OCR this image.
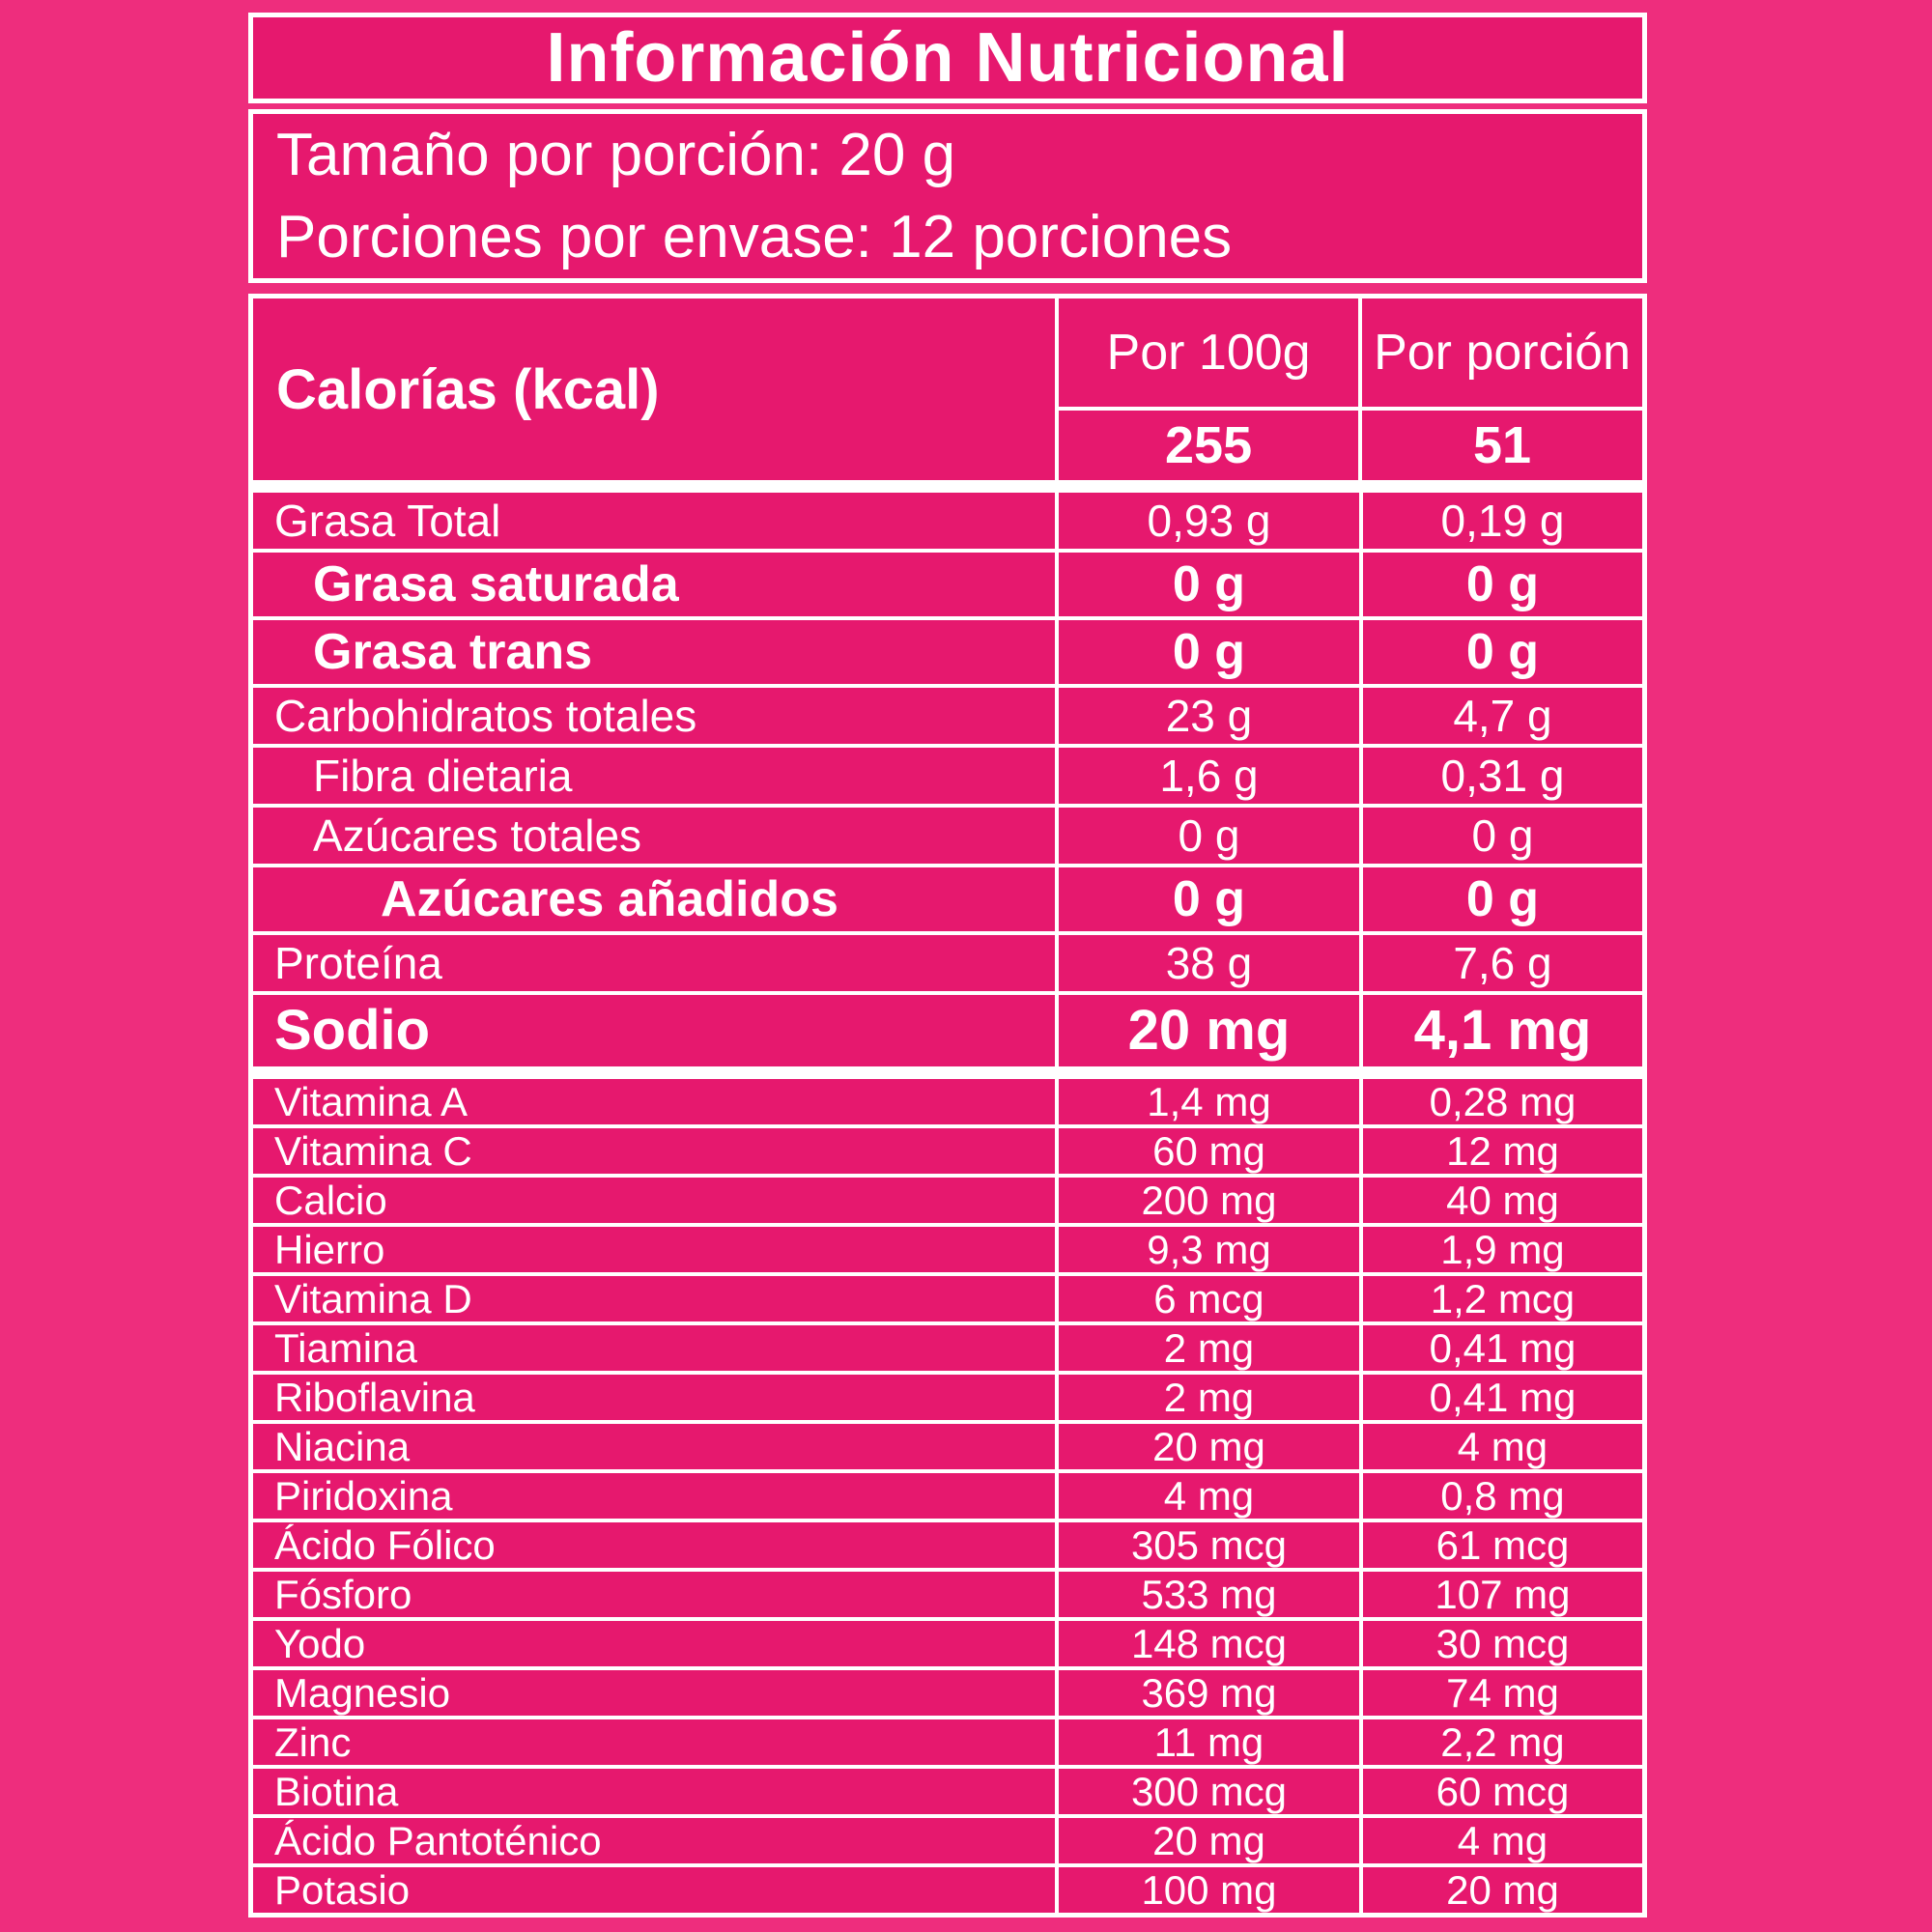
Información Nutricional
Tamaño por porción: 20 g
Porciones por envase: 12 porciones
Calorías (kcal)
Por 100g	Por porción
255	51
Grasa Total	0,93 g	0,19 g
Grasa saturada	0 g	0 g
Grasa trans	0 g	0 g
Carbohidratos totales	23 g	4,7 g
Fibra dietaria	1,6 g	0,31 g
Azúcares totales	0 g	0 g
Azúcares añadidos	0 g	0 g
Proteína	38 g	7,6 g
Sodio	20 mg	4,1 mg
Vitamina A	1,4 mg	0,28 mg
Vitamina C	60 mg	12 mg
Calcio	200 mg	40 mg
Hierro	9,3 mg	1,9 mg
Vitamina D	6 mcg	1,2 mcg
Tiamina	2 mg	0,41 mg
Riboflavina	2 mg	0,41 mg
Niacina	20 mg	4 mg
Piridoxina	4 mg	0,8 mg
Ácido Fólico	305 mcg	61 mcg
Fósforo	533 mg	107 mg
Yodo	148 mcg	30 mcg
Magnesio	369 mg	74 mg
Zinc	11 mg	2,2 mg
Biotina	300 mcg	60 mcg
Ácido Pantoténico	20 mg	4 mg
Potasio	100 mg	20 mg
